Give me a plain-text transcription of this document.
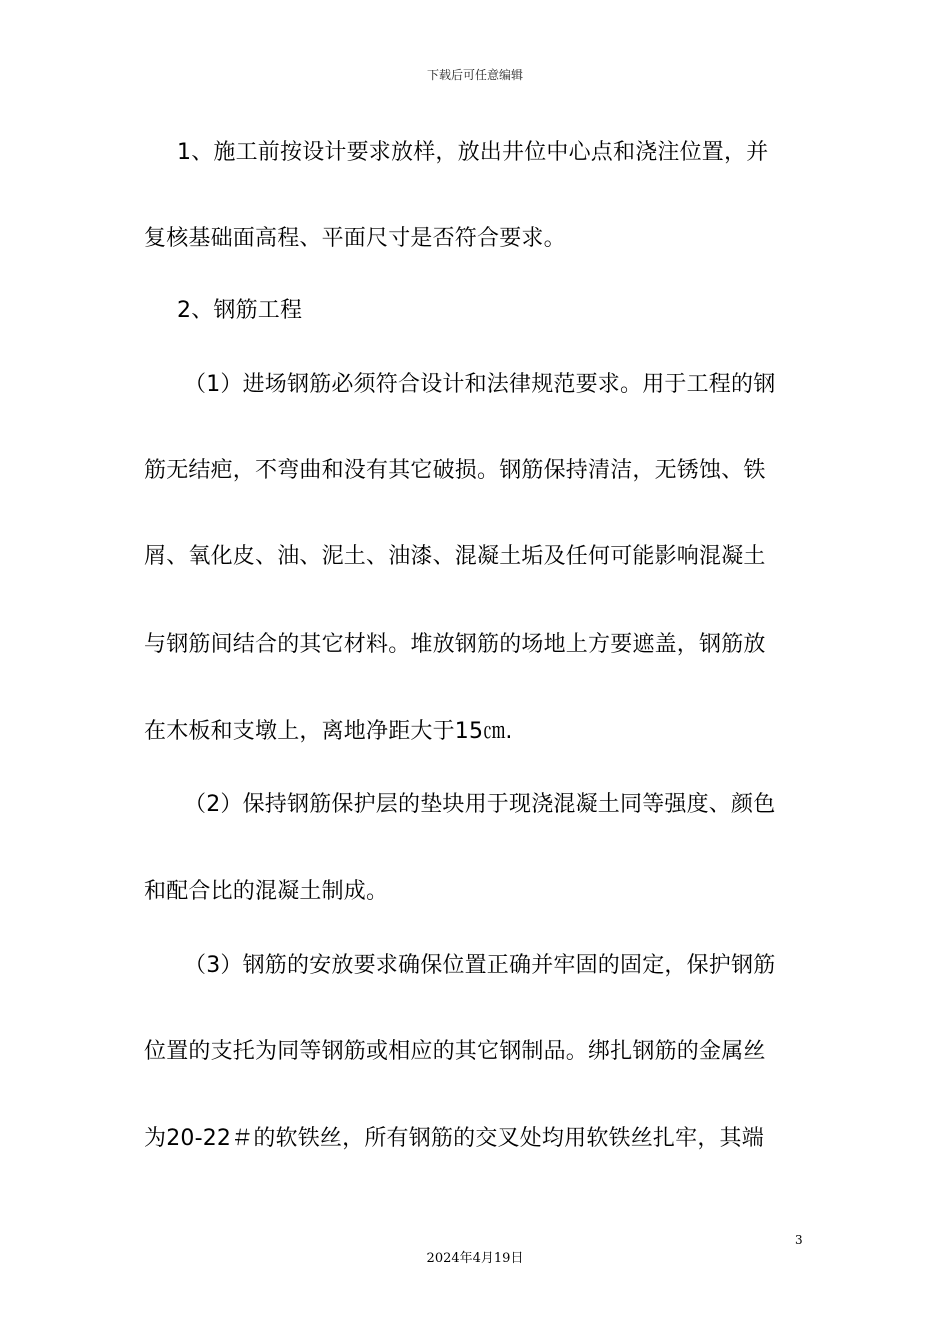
下载后可任意编辑
1、施工前按设计要求放样，放出井位中心点和浇注位置，并
复核基础面高程、平面尺寸是否符合要求。
2、钢筋工程
（1）进场钢筋必须符合设计和法律规范要求。用于工程的钢
筋无结疤，不弯曲和没有其它破损。钢筋保持清洁，无锈蚀、铁
屑、氧化皮、油、泥土、油漆、混凝土垢及任何可能影响混凝土
与钢筋间结合的其它材料。堆放钢筋的场地上方要遮盖，钢筋放
在木板和支墩上，离地净距大于15㎝.
（2）保持钢筋保护层的垫块用于现浇混凝土同等强度、颜色
和配合比的混凝土制成。
（3）钢筋的安放要求确保位置正确并牢固的固定，保护钢筋
位置的支托为同等钢筋或相应的其它钢制品。绑扎钢筋的金属丝
为20-22＃的软铁丝，所有钢筋的交叉处均用软铁丝扎牢，其端
3
2024年4月19日
